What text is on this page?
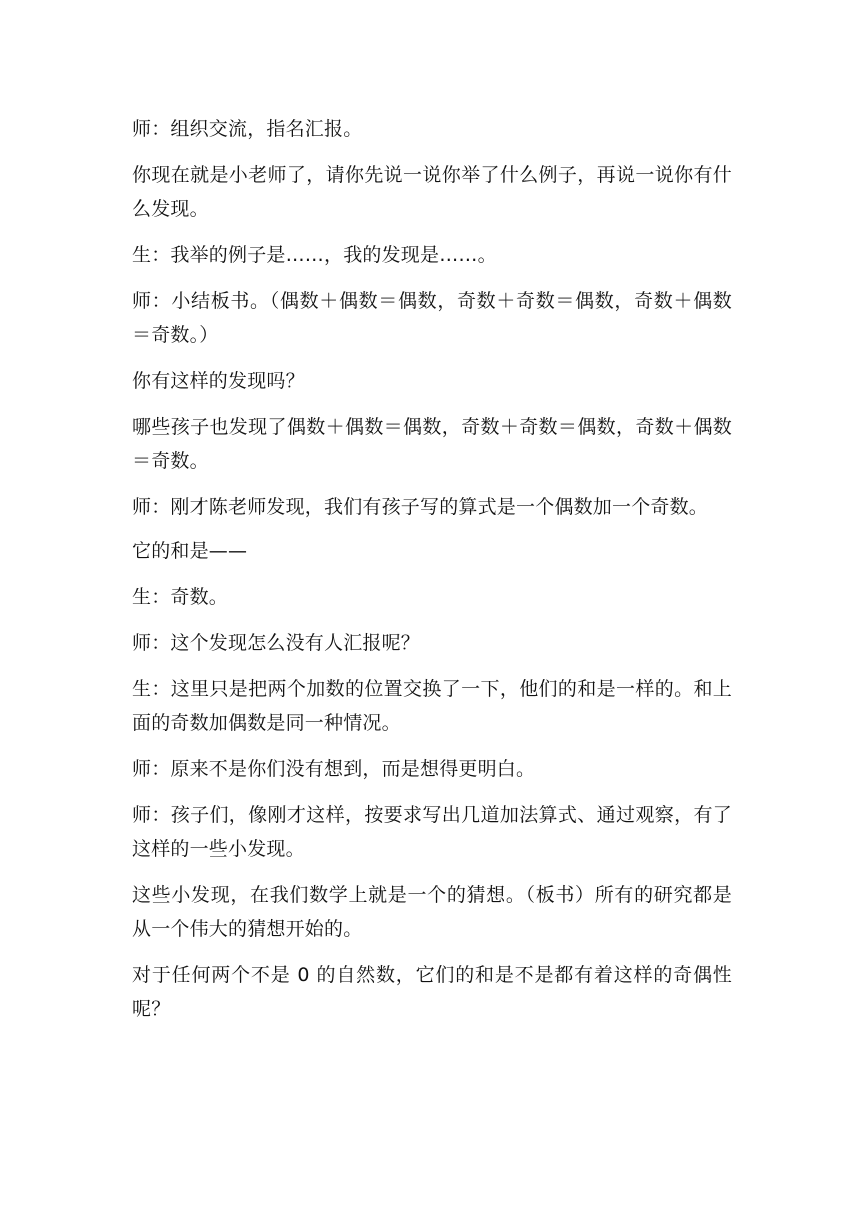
师：组织交流，指名汇报。

你现在就是小老师了，请你先说一说你举了什么例子，再说一说你有什么发现。

生：我举的例子是……，我的发现是……。

师：小结板书。（偶数＋偶数＝偶数，奇数＋奇数＝偶数，奇数＋偶数＝奇数。）

你有这样的发现吗？

哪些孩子也发现了偶数＋偶数＝偶数，奇数＋奇数＝偶数，奇数＋偶数＝奇数。

师：刚才陈老师发现，我们有孩子写的算式是一个偶数加一个奇数。

它的和是——

生：奇数。

师：这个发现怎么没有人汇报呢？

生：这里只是把两个加数的位置交换了一下，他们的和是一样的。和上面的奇数加偶数是同一种情况。

师：原来不是你们没有想到，而是想得更明白。

师：孩子们，像刚才这样，按要求写出几道加法算式、通过观察，有了这样的一些小发现。

这些小发现，在我们数学上就是一个的猜想。（板书）所有的研究都是从一个伟大的猜想开始的。

对于任何两个不是 0 的自然数，它们的和是不是都有着这样的奇偶性呢？
